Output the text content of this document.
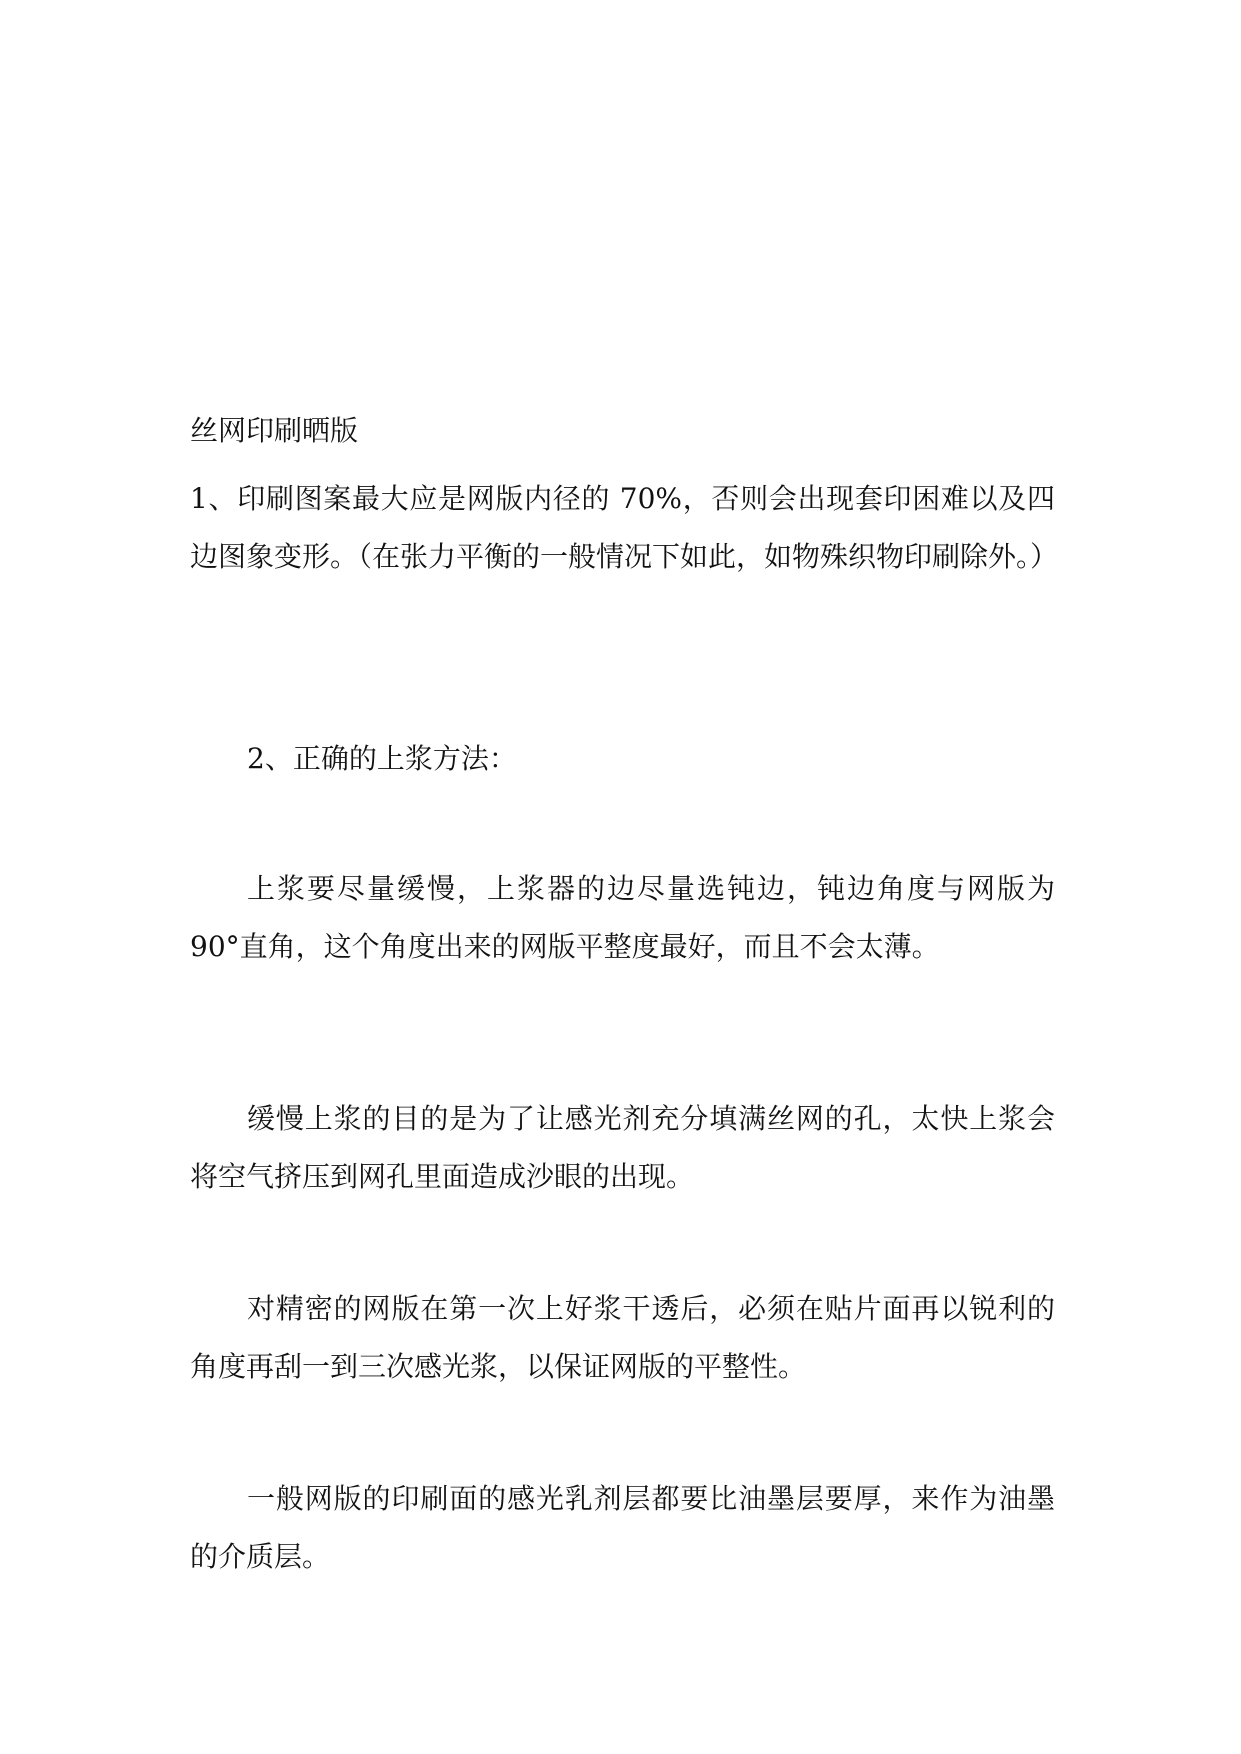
丝网印刷晒版

1、印刷图案最大应是网版内径的 70%，否则会出现套印困难以及四边图象变形。（在张力平衡的一般情况下如此，如物殊织物印刷除外。）

2、正确的上浆方法：

上浆要尽量缓慢，上浆器的边尽量选钝边，钝边角度与网版为 90°直角，这个角度出来的网版平整度最好，而且不会太薄。

缓慢上浆的目的是为了让感光剂充分填满丝网的孔，太快上浆会将空气挤压到网孔里面造成沙眼的出现。

对精密的网版在第一次上好浆干透后，必须在贴片面再以锐利的角度再刮一到三次感光浆，以保证网版的平整性。

一般网版的印刷面的感光乳剂层都要比油墨层要厚，来作为油墨的介质层。
